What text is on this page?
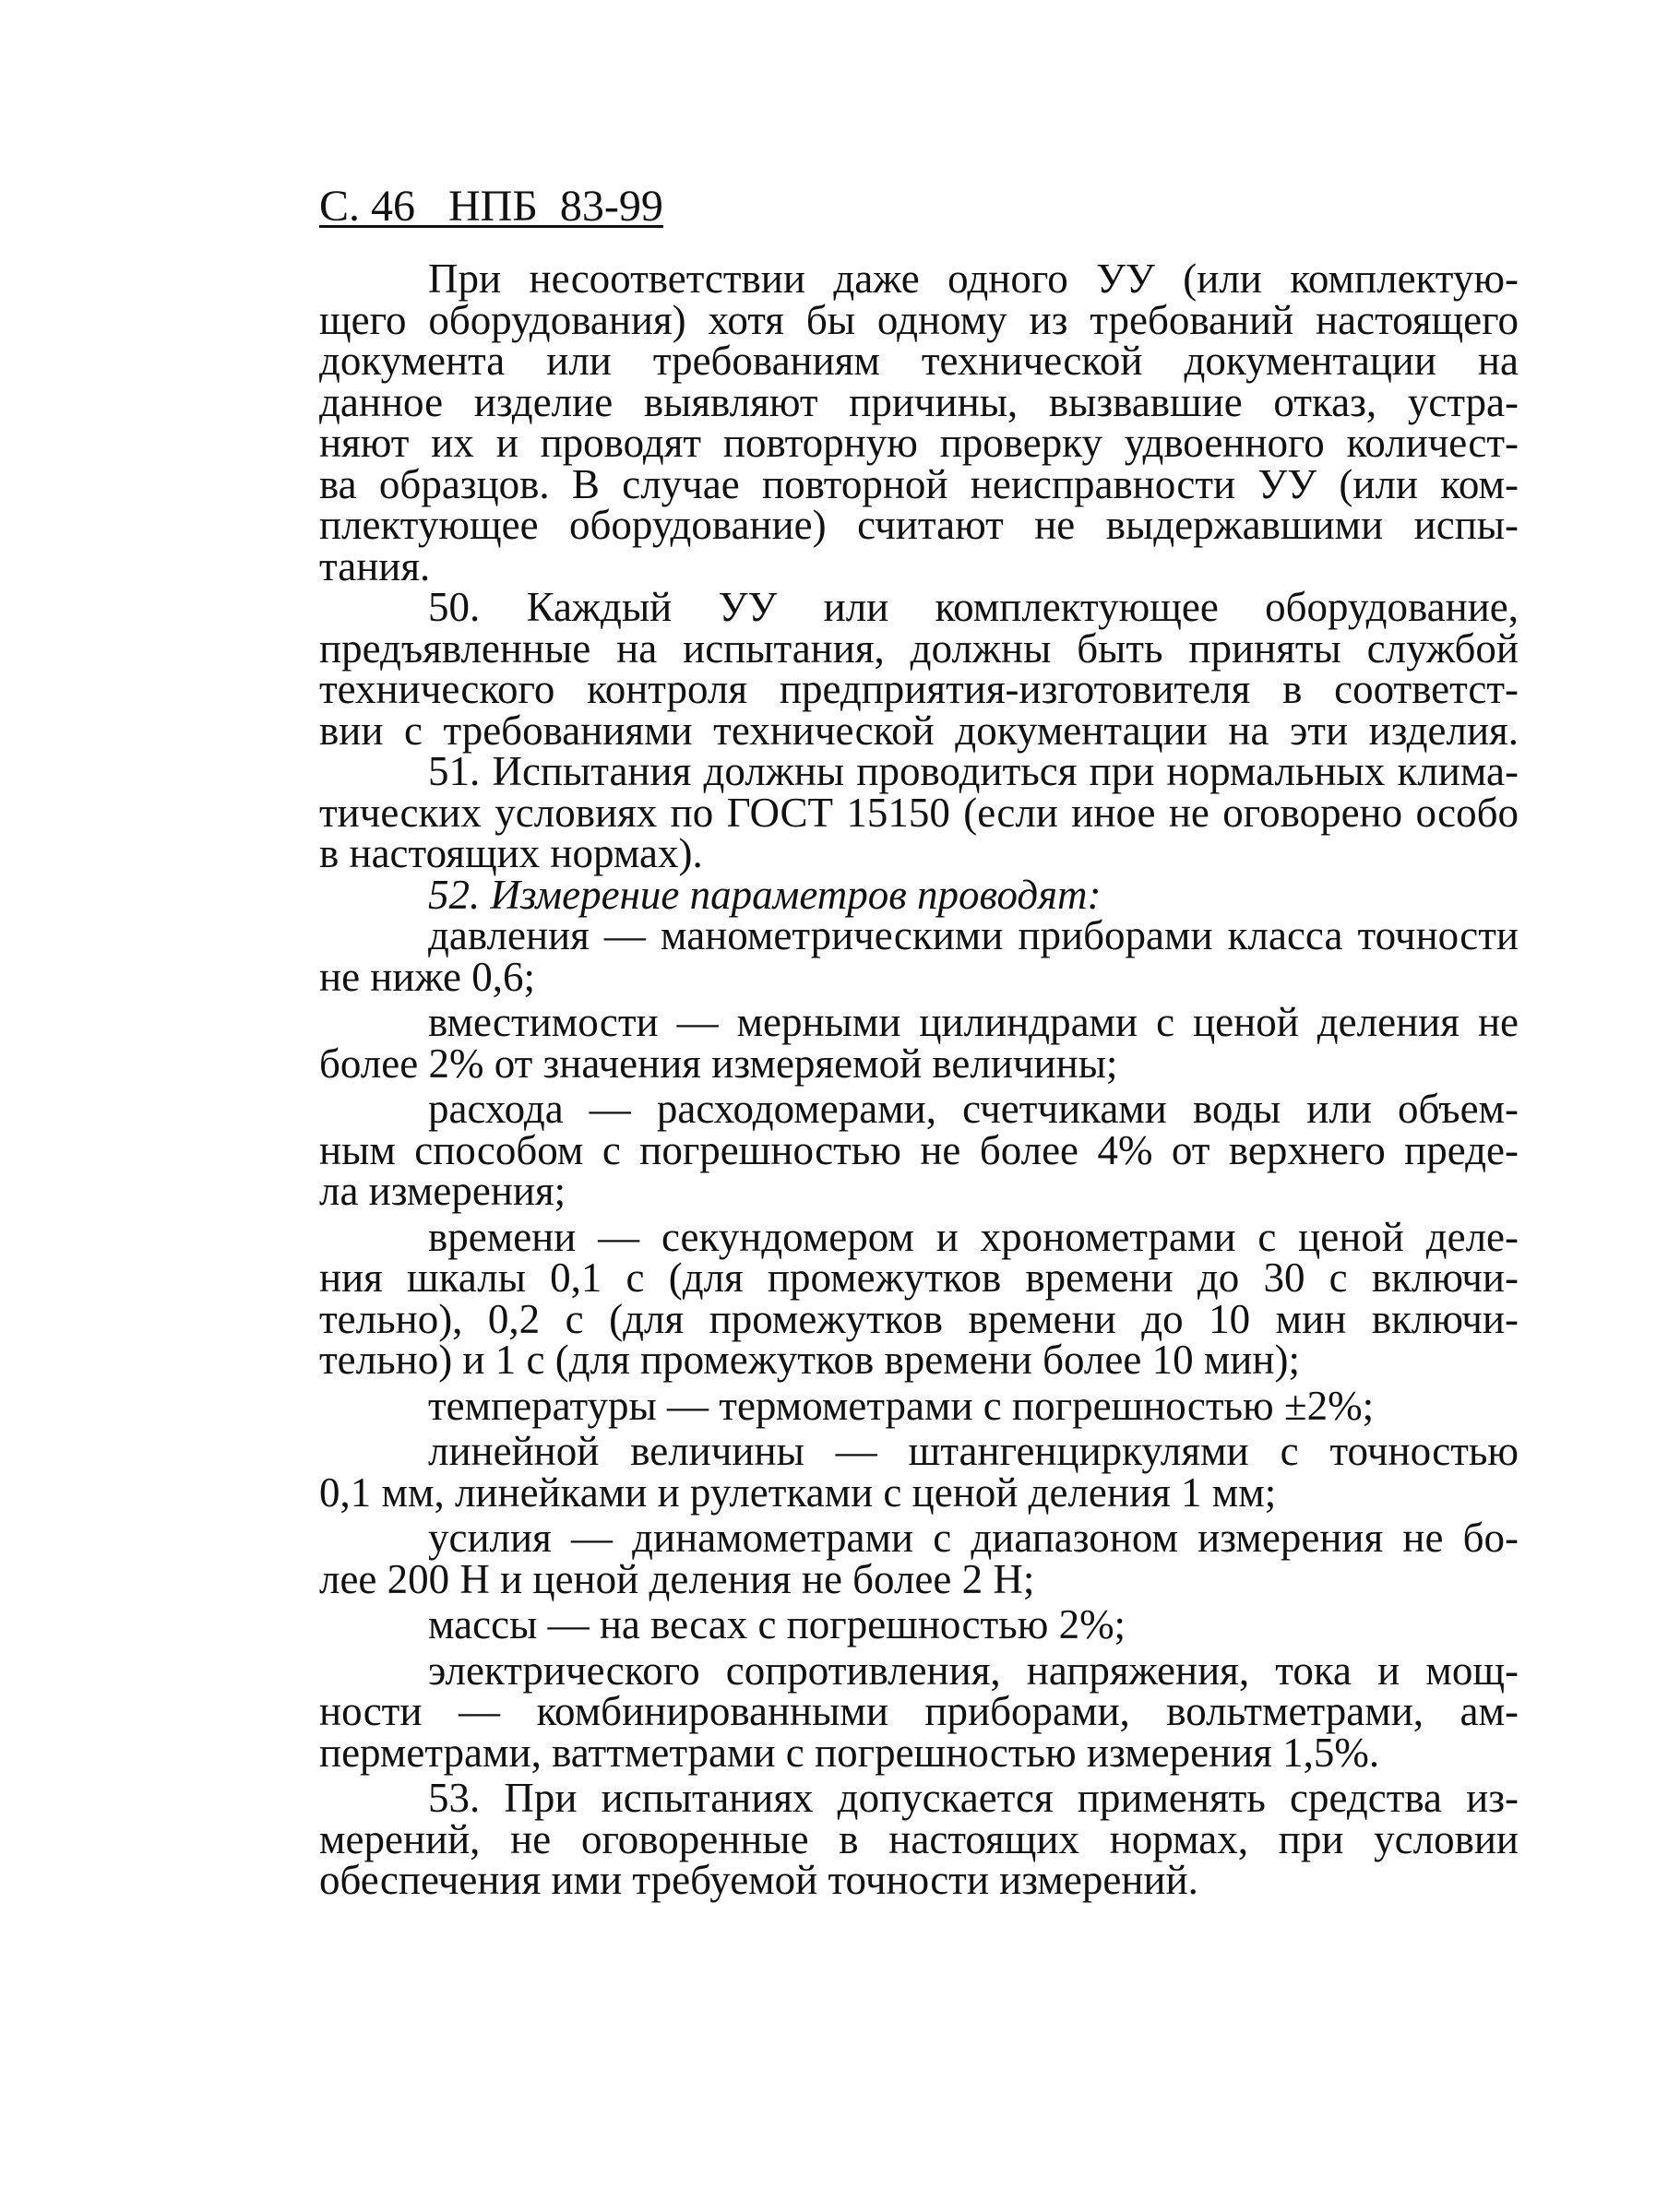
С. 46   НПБ  83-99
При несоответствии даже одного УУ (или комплектую-
щего оборудования) хотя бы одному из требований настоящего
документа или требованиям технической документации на
данное изделие выявляют причины, вызвавшие отказ, устра-
няют их и проводят повторную проверку удвоенного количест-
ва образцов. В случае повторной неисправности УУ (или ком-
плектующее оборудование) считают не выдержавшими испы-
тания.
50. Каждый УУ или комплектующее оборудование,
предъявленные на испытания, должны быть приняты службой
технического контроля предприятия-изготовителя в соответст-
вии с требованиями технической документации на эти изделия.
51. Испытания должны проводиться при нормальных клима-
тических условиях по ГОСТ 15150 (если иное не оговорено особо
в настоящих нормах).
52. Измерение параметров проводят:
давления — манометрическими приборами класса точности
не ниже 0,6;
вместимости — мерными цилиндрами с ценой деления не
более 2% от значения измеряемой величины;
расхода — расходомерами, счетчиками воды или объем-
ным способом с погрешностью не более 4% от верхнего преде-
ла измерения;
времени — секундомером и хронометрами с ценой деле-
ния шкалы 0,1 с (для промежутков времени до 30 с включи-
тельно), 0,2 с (для промежутков времени до 10 мин включи-
тельно) и 1 с (для промежутков времени более 10 мин);
температуры — термометрами с погрешностью ±2%;
линейной величины — штангенциркулями с точностью
0,1 мм, линейками и рулетками с ценой деления 1 мм;
усилия — динамометрами с диапазоном измерения не бо-
лее 200 Н и ценой деления не более 2 Н;
массы — на весах с погрешностью 2%;
электрического сопротивления, напряжения, тока и мощ-
ности — комбинированными приборами, вольтметрами, ам-
перметрами, ваттметрами с погрешностью измерения 1,5%.
53. При испытаниях допускается применять средства из-
мерений, не оговоренные в настоящих нормах, при условии
обеспечения ими требуемой точности измерений.
